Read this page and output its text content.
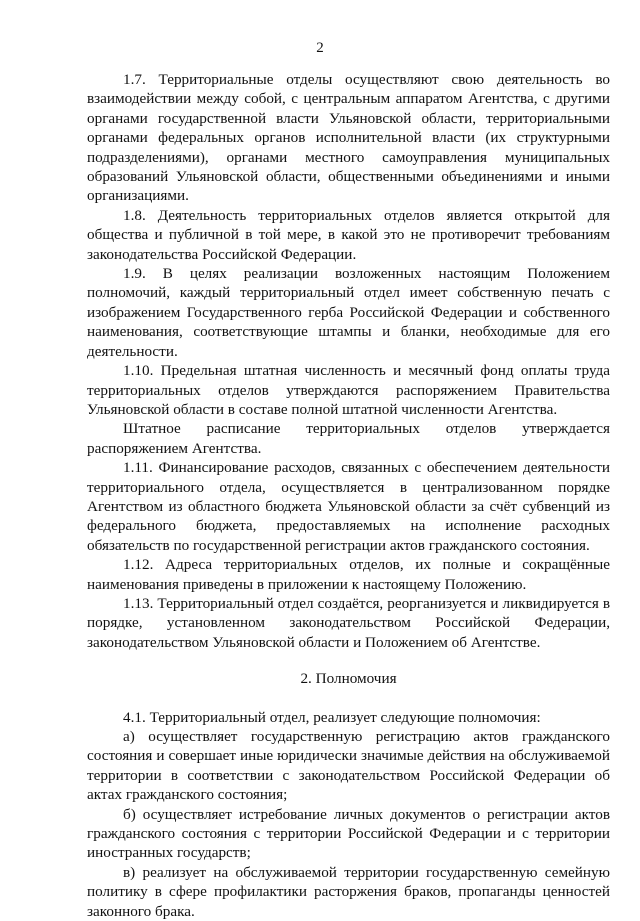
2

1.7. Территориальные отделы осуществляют свою деятельность во взаимодействии между собой, с центральным аппаратом Агентства, с другими органами государственной власти Ульяновской области, территориальными органами федеральных органов исполнительной власти (их структурными подразделениями), органами местного самоуправления муниципальных образований Ульяновской области, общественными объединениями и иными организациями.

1.8. Деятельность территориальных отделов является открытой для общества и публичной в той мере, в какой это не противоречит требованиям законодательства Российской Федерации.

1.9. В целях реализации возложенных настоящим Положением полномочий, каждый территориальный отдел имеет собственную печать с изображением Государственного герба Российской Федерации и собственного наименования, соответствующие штампы и бланки, необходимые для его деятельности.

1.10. Предельная штатная численность и месячный фонд оплаты труда территориальных отделов утверждаются распоряжением Правительства Ульяновской области в составе полной штатной численности Агентства.

Штатное расписание территориальных отделов утверждается распоряжением Агентства.

1.11. Финансирование расходов, связанных с обеспечением деятельности территориального отдела, осуществляется в централизованном порядке Агентством из областного бюджета Ульяновской области за счёт субвенций из федерального бюджета, предоставляемых на исполнение расходных обязательств по государственной регистрации актов гражданского состояния.

1.12. Адреса территориальных отделов, их полные и сокращённые наименования приведены в приложении к настоящему Положению.

1.13. Территориальный отдел создаётся, реорганизуется и ликвидируется в порядке, установленном законодательством Российской Федерации, законодательством Ульяновской области и Положением об Агентстве.

2. Полномочия

4.1. Территориальный отдел, реализует следующие полномочия:

а) осуществляет государственную регистрацию актов гражданского состояния и совершает иные юридически значимые действия на обслуживаемой территории в соответствии с законодательством Российской Федерации об актах гражданского состояния;

б) осуществляет истребование личных документов о регистрации актов гражданского состояния с территории Российской Федерации и с территории иностранных государств;

в) реализует на обслуживаемой территории государственную семейную политику в сфере профилактики расторжения браков, пропаганды ценностей законного брака.
